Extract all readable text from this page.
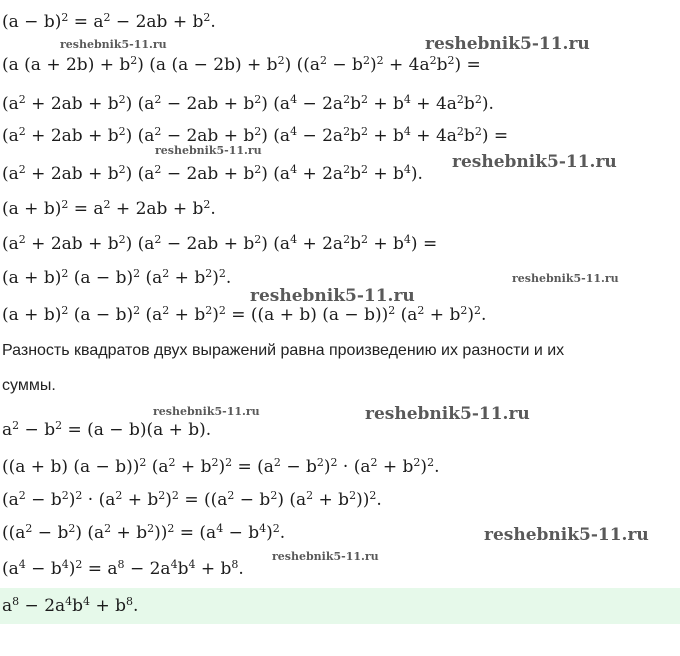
$(a - b)^2 = a^2 - 2ab + b^2$.
(a $(a + 2b) + b^2$) (a $(a - 2b) + b^2$) $((a^2 - b^2)^2 + 4a^2b^2)$ =
$(a^2 + 2ab + b^2) (a^2 - 2ab + b^2) (a^4 - 2a^2b^2 + b^4 + 4a^2b^2)$.
$(a^2 + 2ab + b^2) (a^2 - 2ab + b^2) (a^4 - 2a^2b^2 + b^4 + 4a^2b^2)$ =
$(a^2 + 2ab + b^2) (a^2 - 2ab + b^2) (a^4 + 2a^2b^2 + b^4)$.
$(a + b)^2 = a^2 + 2ab + b^2$.
$(a^2 + 2ab + b^2) (a^2 - 2ab + b^2) (a^4 + 2a^2b^2 + b^4)$ =
$(a + b)^2$ $(a - b)^2$ $(a^2 + b^2)^2$.
$(a + b)^2$ $(a - b)^2$ $(a^2 + b^2)^2 = ((a + b) (a - b))^2$ $(a^2 + b^2)^2$.
Разность квадратов двух выражений равна произведению их разности и их
суммы.
$a^2 - b^2 = (a - b)(a + b)$.
((a + b) (a − b))$^2$ $(a^2 + b^2)^2 = (a^2 - b^2)^2 \cdot (a^2 + b^2)^2$.
$(a^2 - b^2)^2 \cdot (a^2 + b^2)^2 = ((a^2 - b^2) (a^2 + b^2))^2$.
$((a^2 - b^2) (a^2 + b^2))^2 = (a^4 - b^4)^2$.
$(a^4 - b^4)^2 = a^8 - 2a^4b^4 + b^8$.
$a^8 - 2a^4b^4 + b^8$.
reshebnik5-11.ru	reshebnik5-11.ru
reshebnik5-11.ru
reshebnik5-11.ru
reshebnik5-11.ru
reshebnik5-11.ru
reshebnik5-11.ru	reshebnik5-11.ru
reshebnik5-11.ru
reshebnik5-11.ru
